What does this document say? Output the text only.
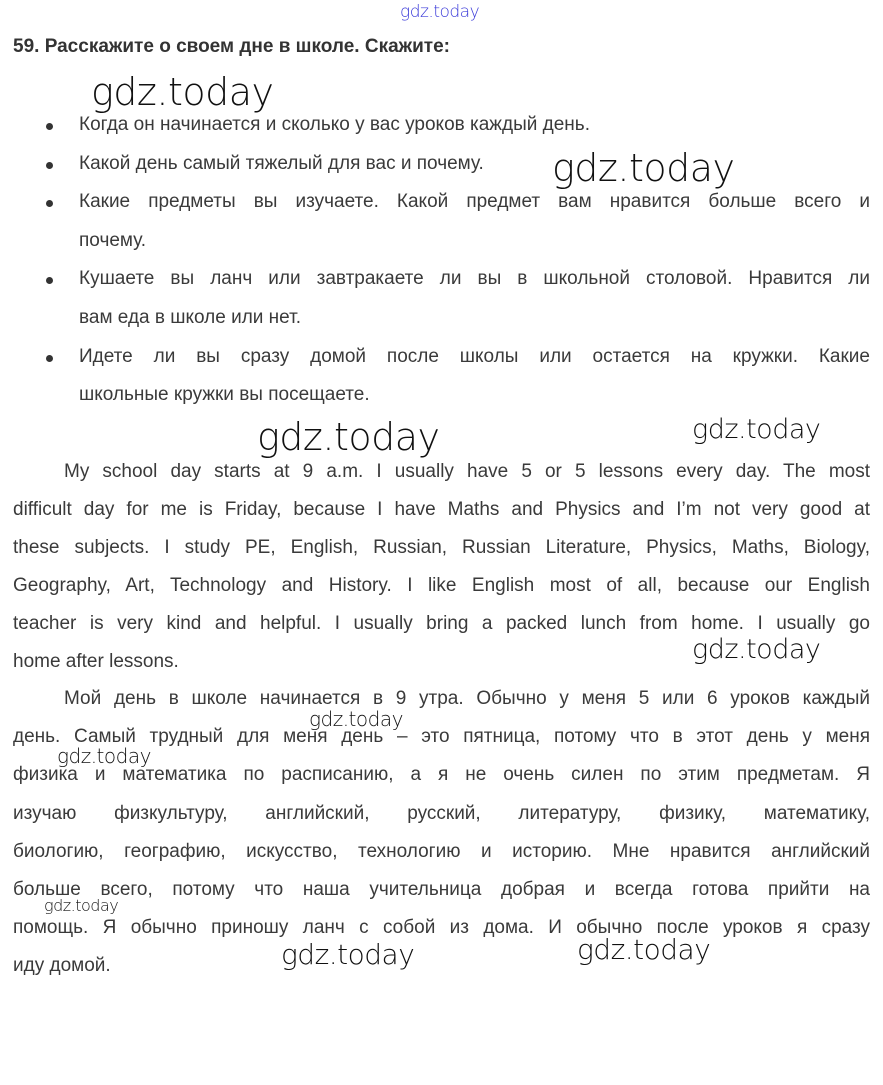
gdz.today
59. Расскажите о своем дне в школе. Скажите:
Когда он начинается и сколько у вас уроков каждый день.
Какой день самый тяжелый для вас и почему.
Какие предметы вы изучаете. Какой предмет вам нравится больше всего и
почему.
Кушаете вы ланч или завтракаете ли вы в школьной столовой. Нравится ли
вам еда в школе или нет.
Идете ли вы сразу домой после школы или остается на кружки. Какие
школьные кружки вы посещаете.
My school day starts at 9 a.m. I usually have 5 or 5 lessons every day. The most
difficult day for me is Friday, because I have Maths and Physics and I’m not very good at
these subjects. I study PE, English, Russian, Russian Literature, Physics, Maths, Biology,
Geography, Art, Technology and History. I like English most of all, because our English
teacher is very kind and helpful. I usually bring a packed lunch from home. I usually go
home after lessons.
Мой день в школе начинается в 9 утра. Обычно у меня 5 или 6 уроков каждый
день. Самый трудный для меня день – это пятница, потому что в этот день у меня
физика и математика по расписанию, а я не очень силен по этим предметам. Я
изучаю физкультуру, английский, русский, литературу, физику, математику,
биологию, географию, искусство, технологию и историю. Мне нравится английский
больше всего, потому что наша учительница добрая и всегда готова прийти на
помощь. Я обычно приношу ланч с собой из дома. И обычно после уроков я сразу
иду домой.
gdz.today
gdz.today
gdz.today	gdz.today
gdz.today
gdz.today
gdz.today
gdz.today
gdz.today	gdz.today
